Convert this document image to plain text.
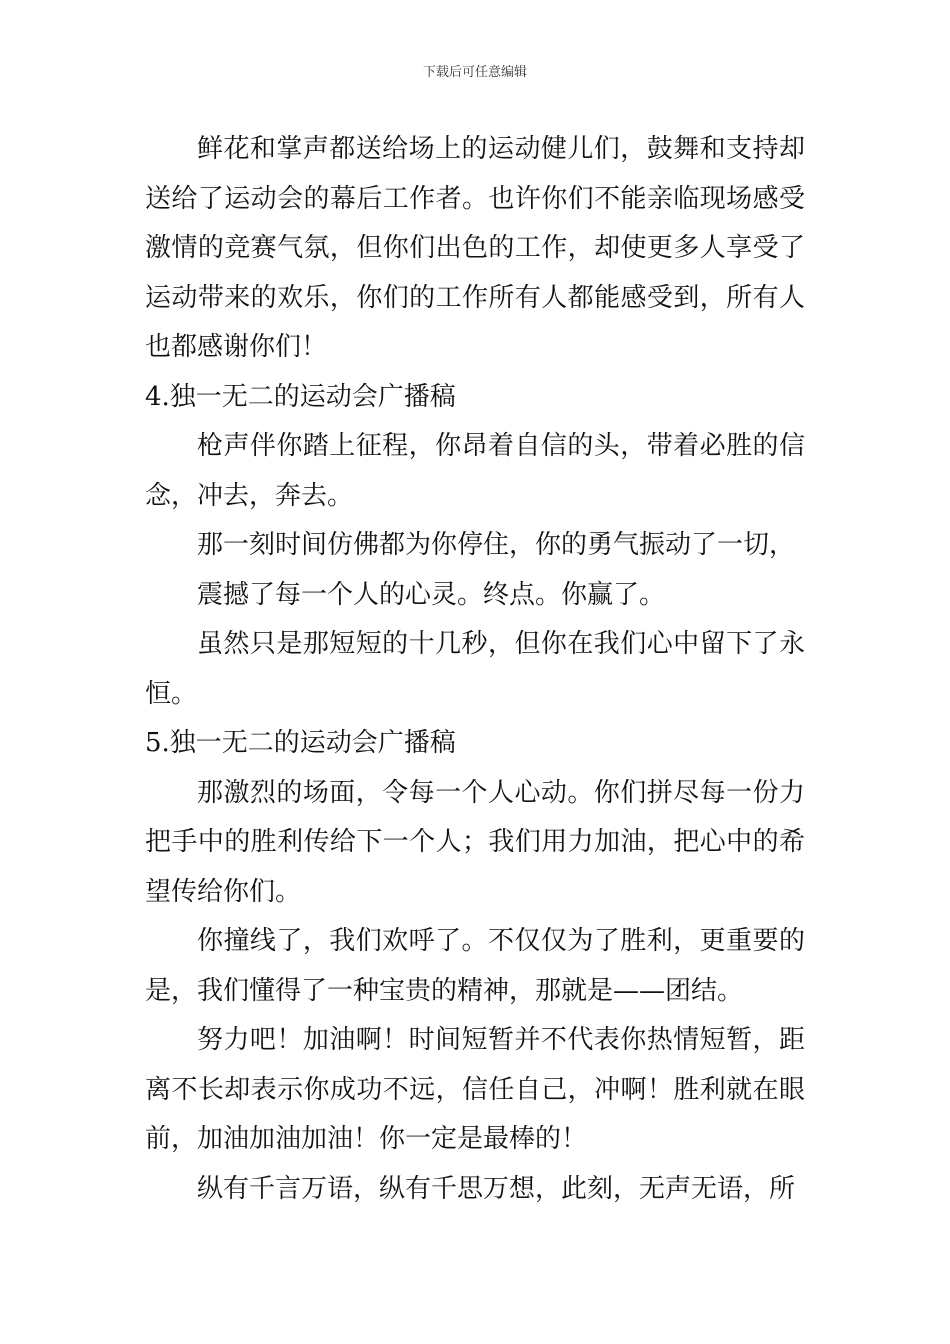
下载后可任意编辑

鲜花和掌声都送给场上的运动健儿们，鼓舞和支持却送给了运动会的幕后工作者。也许你们不能亲临现场感受激情的竞赛气氛，但你们出色的工作，却使更多人享受了运动带来的欢乐，你们的工作所有人都能感受到，所有人也都感谢你们！

4.独一无二的运动会广播稿

枪声伴你踏上征程，你昂着自信的头，带着必胜的信念，冲去，奔去。

那一刻时间仿佛都为你停住，你的勇气振动了一切，

震撼了每一个人的心灵。终点。你赢了。

虽然只是那短短的十几秒，但你在我们心中留下了永恒。

5.独一无二的运动会广播稿

那激烈的场面，令每一个人心动。你们拼尽每一份力把手中的胜利传给下一个人；我们用力加油，把心中的希望传给你们。

你撞线了，我们欢呼了。不仅仅为了胜利，更重要的是，我们懂得了一种宝贵的精神，那就是——团结。

努力吧！加油啊！时间短暂并不代表你热情短暂，距离不长却表示你成功不远，信任自己，冲啊！胜利就在眼前，加油加油加油！你一定是最棒的！

纵有千言万语，纵有千思万想，此刻，无声无语，所
